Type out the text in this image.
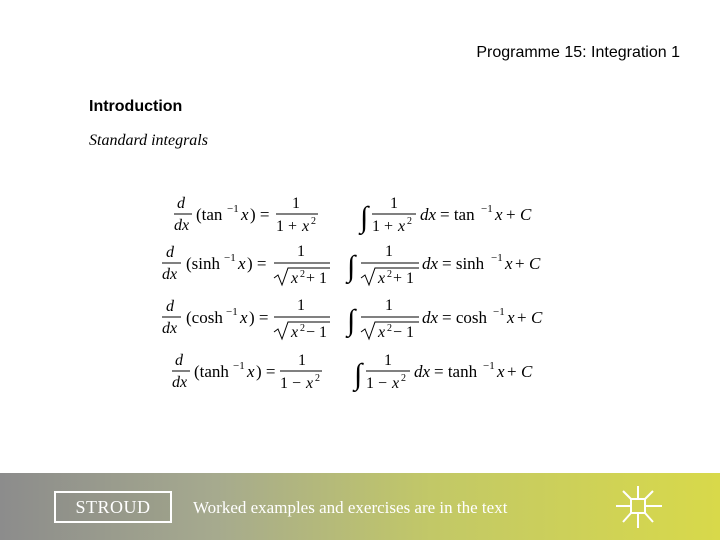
Programme 15: Integration 1
Introduction
Standard integrals
d
dx
(tan −1 x ) =
1
1 + x 2 ∫ 1
1 + x 2 dx = tan −1 x + C
d
dx
(sinh −1 x ) =
1
x 2 + 1 ∫ 1
x 2 + 1
dx = sinh −1 x + C
d
dx
(cosh −1 x ) =
1
x 2 − 1 ∫ 1
x 2 − 1
dx = cosh −1 x + C
d
dx
(tanh −1 x ) =
1
1 − x 2 ∫ 1
1 − x 2 dx = tanh −1 x + C
STROUD	Worked examples and exercises are in the text
